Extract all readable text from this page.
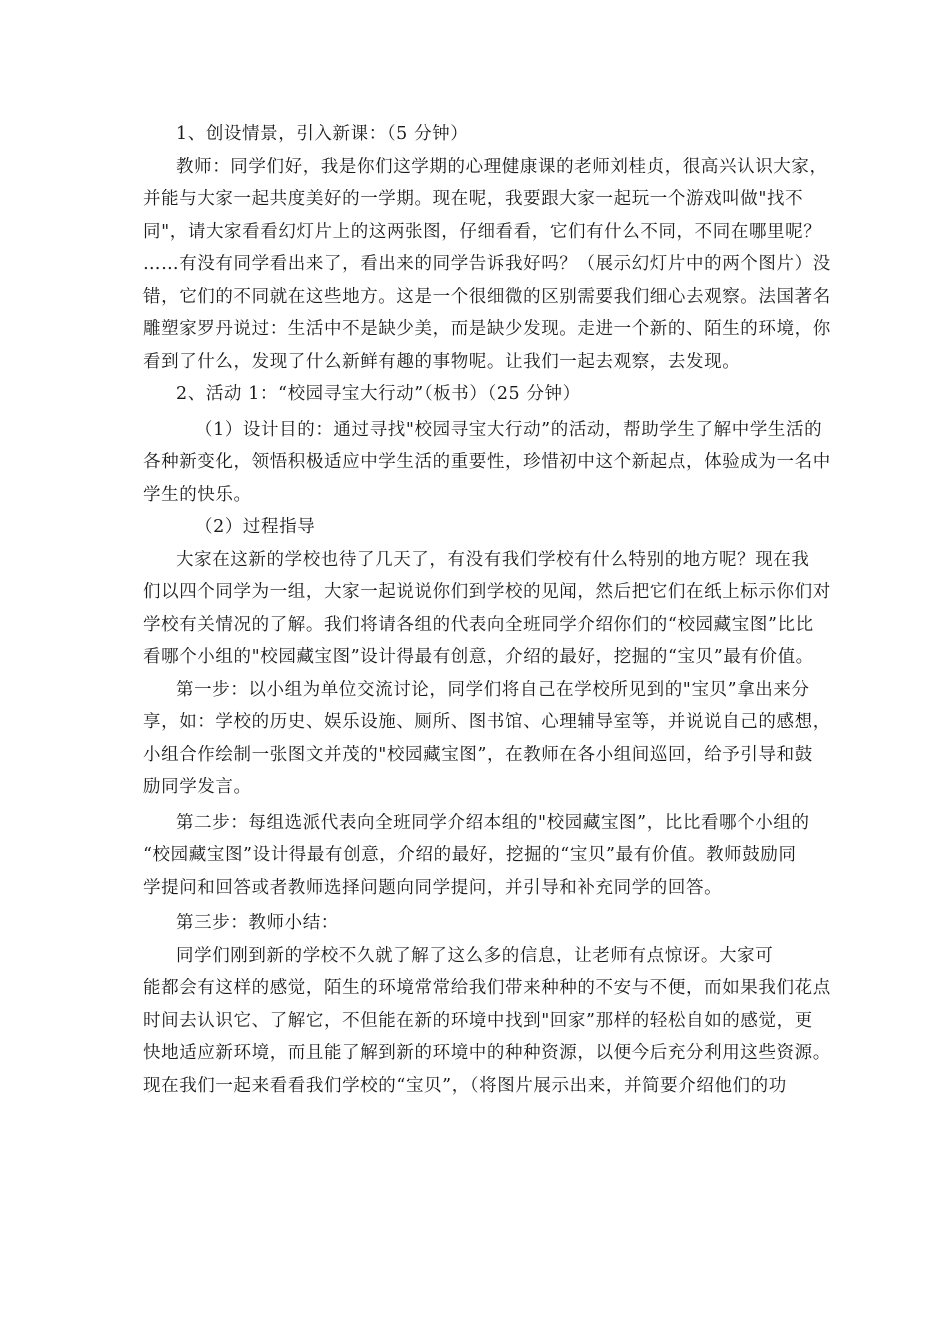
1、创设情景，引入新课：（5 分钟）
教师：同学们好，我是你们这学期的心理健康课的老师刘桂贞，很高兴认识大家，
并能与大家一起共度美好的一学期。现在呢，我要跟大家一起玩一个游戏叫做"找不
同"，请大家看看幻灯片上的这两张图，仔细看看，它们有什么不同，不同在哪里呢？
……有没有同学看出来了，看出来的同学告诉我好吗？（展示幻灯片中的两个图片）没
错，它们的不同就在这些地方。这是一个很细微的区别需要我们细心去观察。法国著名
雕塑家罗丹说过：生活中不是缺少美，而是缺少发现。走进一个新的、陌生的环境，你
看到了什么，发现了什么新鲜有趣的事物呢。让我们一起去观察，去发现。
2、活动 1：“校园寻宝大行动”（板书）（25 分钟）
（1）设计目的：通过寻找"校园寻宝大行动”的活动，帮助学生了解中学生活的
各种新变化，领悟积极适应中学生活的重要性，珍惜初中这个新起点，体验成为一名中
学生的快乐。
（2）过程指导
大家在这新的学校也待了几天了，有没有我们学校有什么特别的地方呢？现在我
们以四个同学为一组，大家一起说说你们到学校的见闻，然后把它们在纸上标示你们对
学校有关情况的了解。我们将请各组的代表向全班同学介绍你们的“校园藏宝图”比比
看哪个小组的"校园藏宝图”设计得最有创意，介绍的最好，挖掘的“宝贝”最有价值。
第一步：以小组为单位交流讨论，同学们将自己在学校所见到的"宝贝”拿出来分
享，如：学校的历史、娱乐设施、厕所、图书馆、心理辅导室等，并说说自己的感想，
小组合作绘制一张图文并茂的"校园藏宝图”，在教师在各小组间巡回，给予引导和鼓
励同学发言。
第二步：每组选派代表向全班同学介绍本组的"校园藏宝图”，比比看哪个小组的
“校园藏宝图”设计得最有创意，介绍的最好，挖掘的“宝贝”最有价值。教师鼓励同
学提问和回答或者教师选择问题向同学提问，并引导和补充同学的回答。
第三步：教师小结：
同学们刚到新的学校不久就了解了这么多的信息，让老师有点惊讶。大家可
能都会有这样的感觉，陌生的环境常常给我们带来种种的不安与不便，而如果我们花点
时间去认识它、了解它，不但能在新的环境中找到"回家”那样的轻松自如的感觉，更
快地适应新环境，而且能了解到新的环境中的种种资源，以便今后充分利用这些资源。
现在我们一起来看看我们学校的“宝贝”，（将图片展示出来，并简要介绍他们的功
